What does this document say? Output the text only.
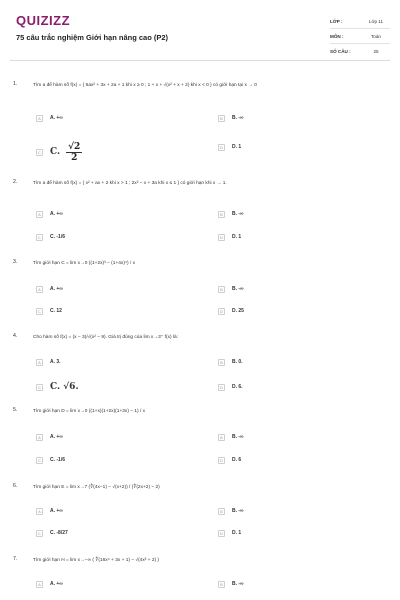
QUIZIZZ
75 câu trắc nghiệm Giới hạn nâng cao (P2)
LỚP :	Lớp 11
MÔN :	Toán
SỐ CÂU :	25
1.	Tìm a để hàm số f(x) = { 5ax² + 3x + 2a + 1 khi x ≥ 0 ; 1 + x + √(x² + x + 2) khi x < 0 } có giới hạn tại x → 0
A	A. +∞	B	B. -∞
C C. $\frac{√2}{2}$	D	D. 1
2.	Tìm a để hàm số f(x) = { x² + ax + 2 khi x > 1 ; 2x² − x + 3a khi x ≤ 1 } có giới hạn khi x → 1.
A	A. +∞	B	B. -∞
C	C. -1/6	D	D. 1
3.	Tìm giới hạn C = lim x→0 ((1+2x)³ − (1+4x)⁴) / x
A	A. +∞	B	B. -∞
C	C. 12	D	D. 25
4.	Cho hàm số f(x) = (x − 3)/√(x² − 9). Giá trị đúng của lim x→3⁺ f(x) là:
A	A. 3.	B	B. 0.
C C. √6.	D	D. 6.
5.	Tìm giới hạn D = lim x→0 ((1+x)(1+2x)(1+3x) − 1) / x
A	A. +∞	B	B. -∞
C	C. -1/6	D	D. 6
6.	Tìm giới hạn E = lim x→7 (∜(4x−1) − √(x+2)) / (∜(2x+2) − 2)
A	A. +∞	B	B. -∞
C	C. -8/27	D	D. 1
7.	Tìm giới hạn H = lim x→−∞ ( ∜(16x⁴ + 3x + 1) − √(4x² + 2) )
A	A. +∞	B	B. -∞
